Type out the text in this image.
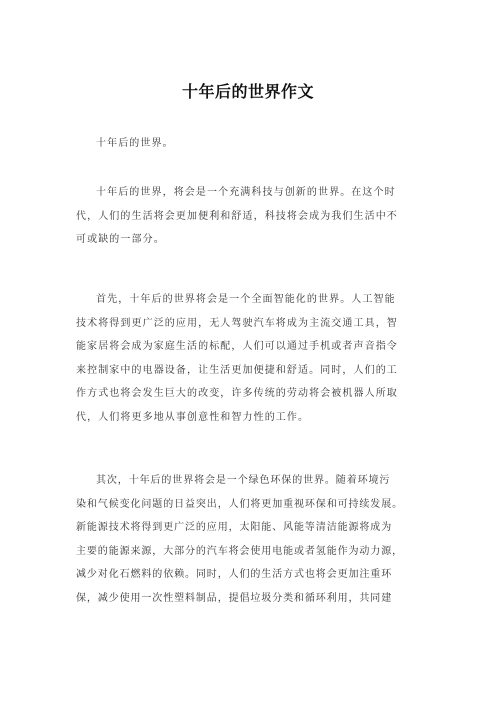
十年后的世界作文
十年后的世界。
十年后的世界，将会是一个充满科技与创新的世界。在这个时
代，人们的生活将会更加便利和舒适，科技将会成为我们生活中不
可或缺的一部分。
首先，十年后的世界将会是一个全面智能化的世界。人工智能
技术将得到更广泛的应用，无人驾驶汽车将成为主流交通工具，智
能家居将会成为家庭生活的标配，人们可以通过手机或者声音指令
来控制家中的电器设备，让生活更加便捷和舒适。同时，人们的工
作方式也将会发生巨大的改变，许多传统的劳动将会被机器人所取
代，人们将更多地从事创意性和智力性的工作。
其次，十年后的世界将会是一个绿色环保的世界。随着环境污
染和气候变化问题的日益突出，人们将更加重视环保和可持续发展。
新能源技术将得到更广泛的应用，太阳能、风能等清洁能源将成为
主要的能源来源，大部分的汽车将会使用电能或者氢能作为动力源，
减少对化石燃料的依赖。同时，人们的生活方式也将会更加注重环
保，减少使用一次性塑料制品，提倡垃圾分类和循环利用，共同建
